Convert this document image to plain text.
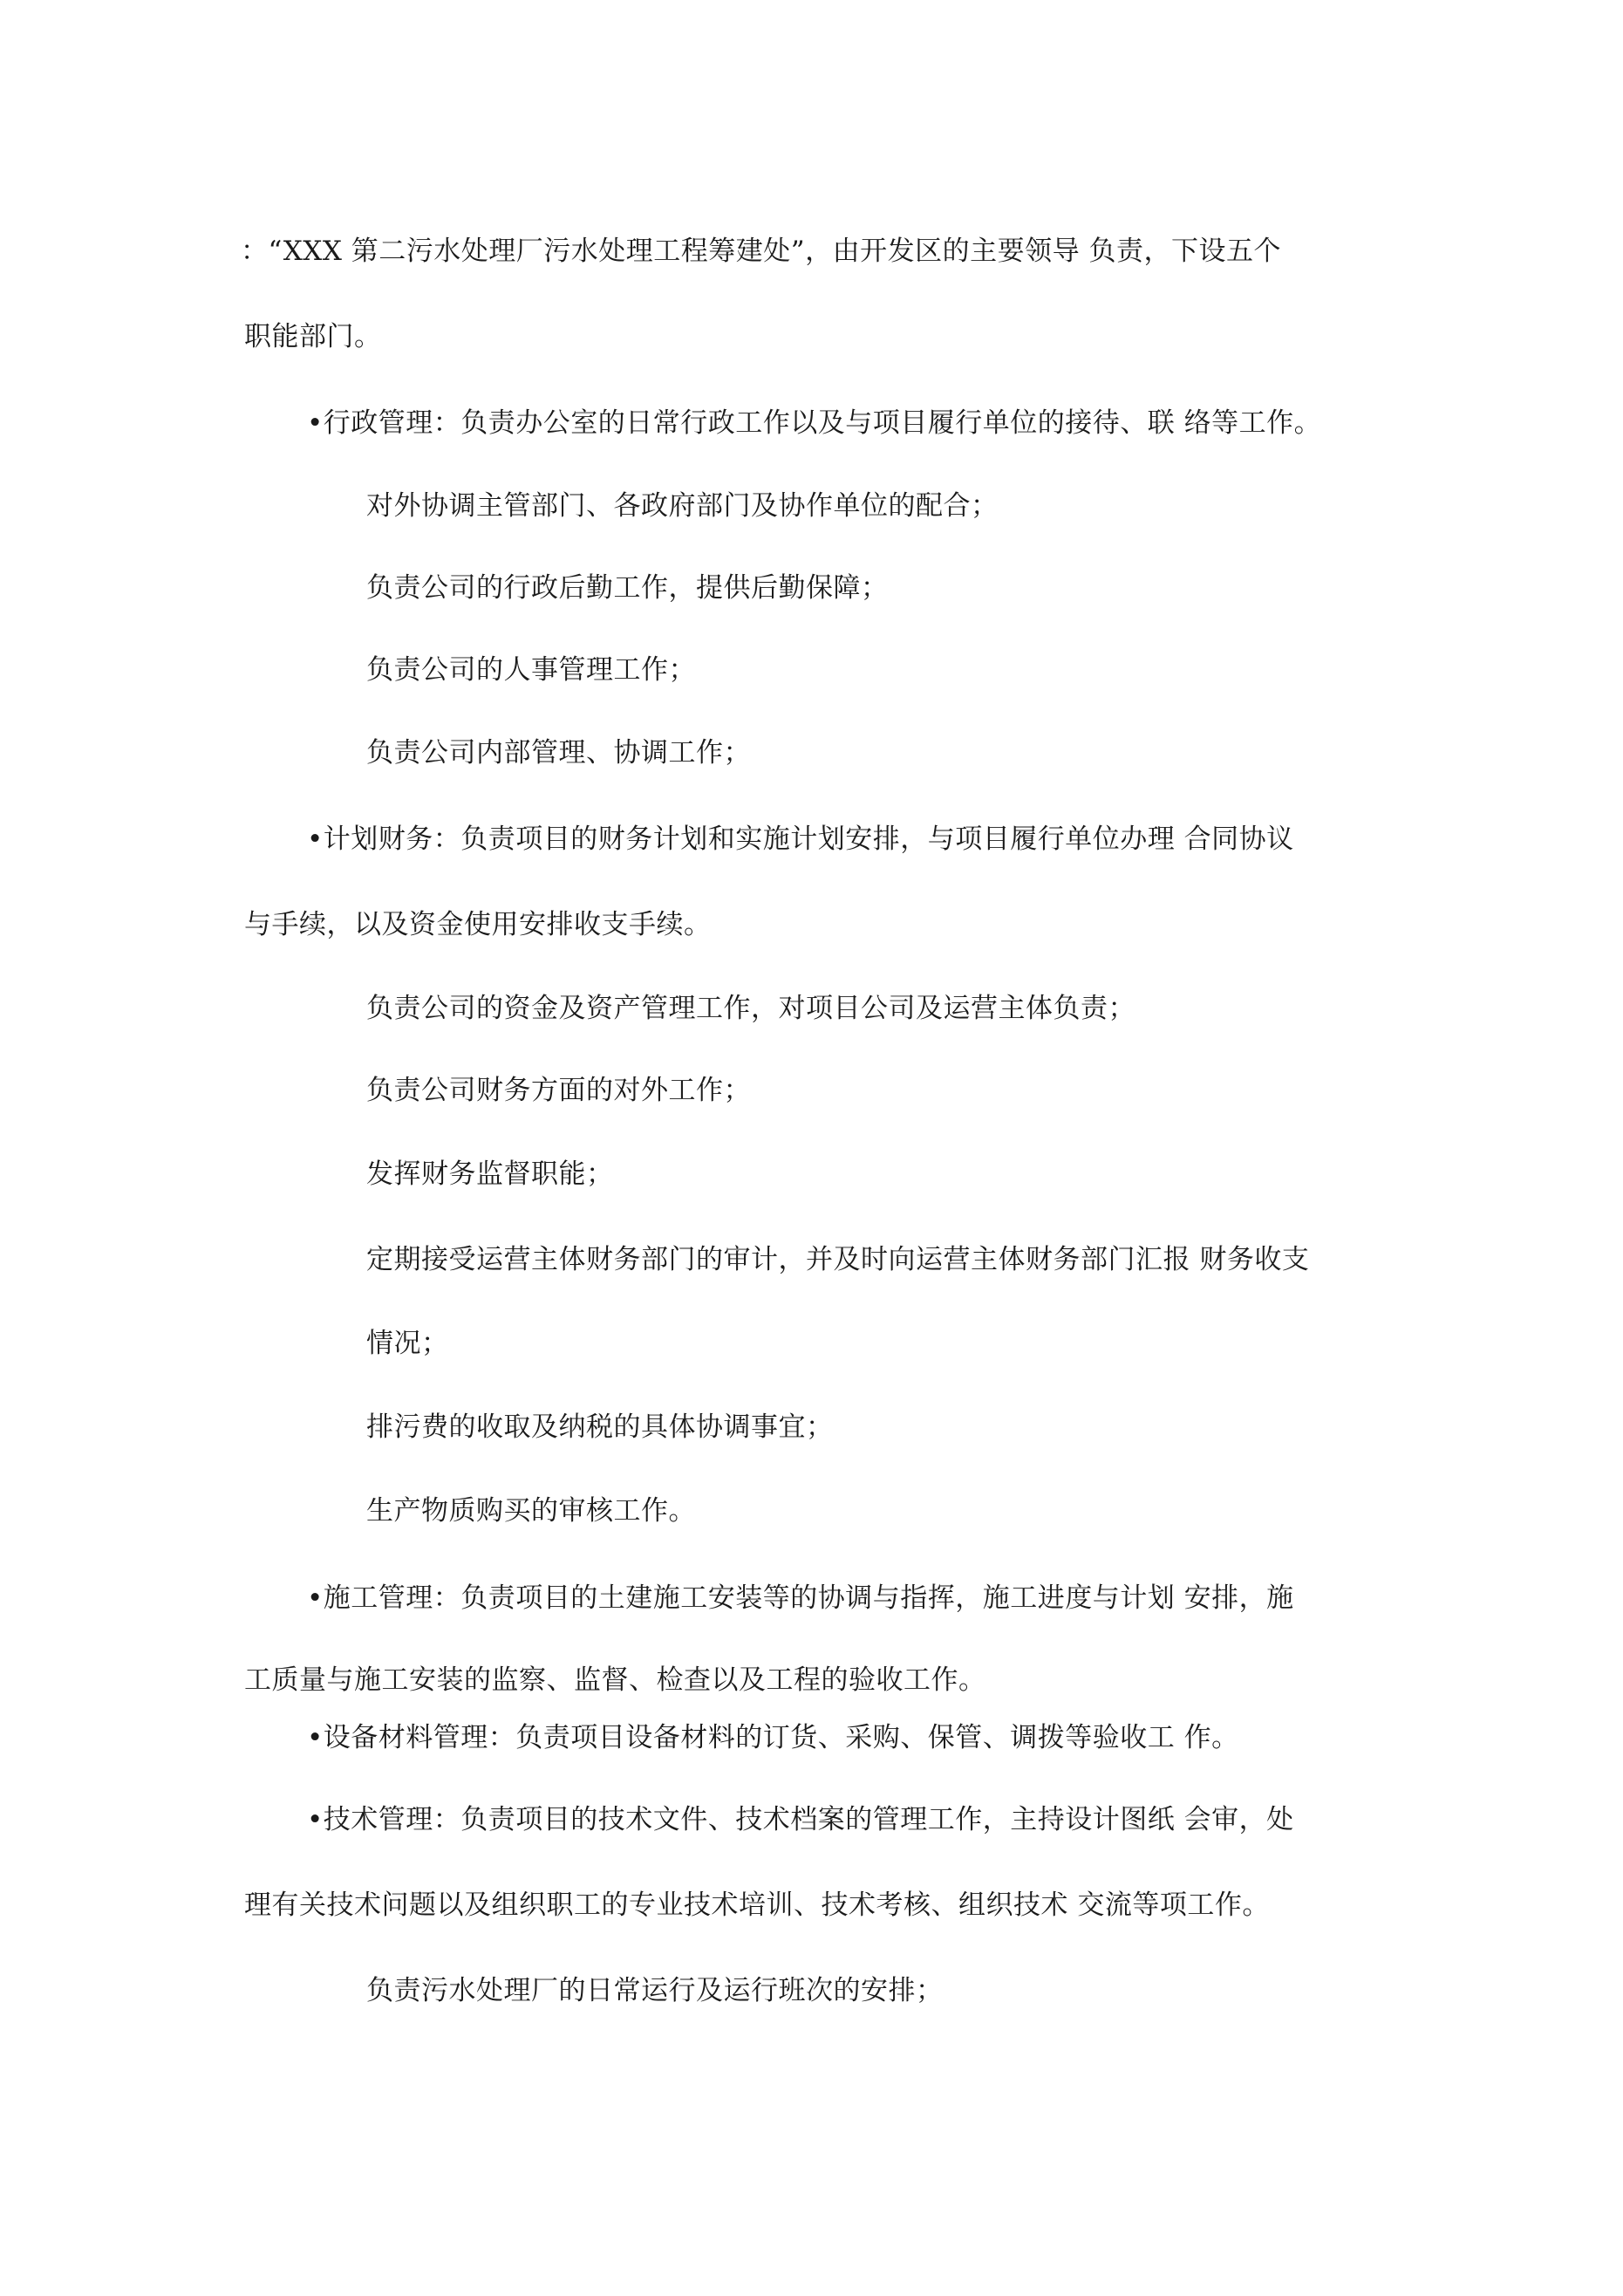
：“XXX 第二污水处理厂污水处理工程筹建处”，由开发区的主要领导 负责，下设五个
职能部门。
•行政管理：负责办公室的日常行政工作以及与项目履行单位的接待、联 络等工作。
对外协调主管部门、各政府部门及协作单位的配合；
负责公司的行政后勤工作，提供后勤保障；
负责公司的人事管理工作；
负责公司内部管理、协调工作；
•计划财务：负责项目的财务计划和实施计划安排，与项目履行单位办理 合同协议
与手续，以及资金使用安排收支手续。
负责公司的资金及资产管理工作，对项目公司及运营主体负责；
负责公司财务方面的对外工作；
发挥财务监督职能；
定期接受运营主体财务部门的审计，并及时向运营主体财务部门汇报 财务收支
情况；
排污费的收取及纳税的具体协调事宜；
生产物质购买的审核工作。
•施工管理：负责项目的土建施工安装等的协调与指挥，施工进度与计划 安排，施
工质量与施工安装的监察、监督、检查以及工程的验收工作。
•设备材料管理：负责项目设备材料的订货、采购、保管、调拨等验收工 作。
•技术管理：负责项目的技术文件、技术档案的管理工作，主持设计图纸 会审，处
理有关技术问题以及组织职工的专业技术培训、技术考核、组织技术 交流等项工作。
负责污水处理厂的日常运行及运行班次的安排；
